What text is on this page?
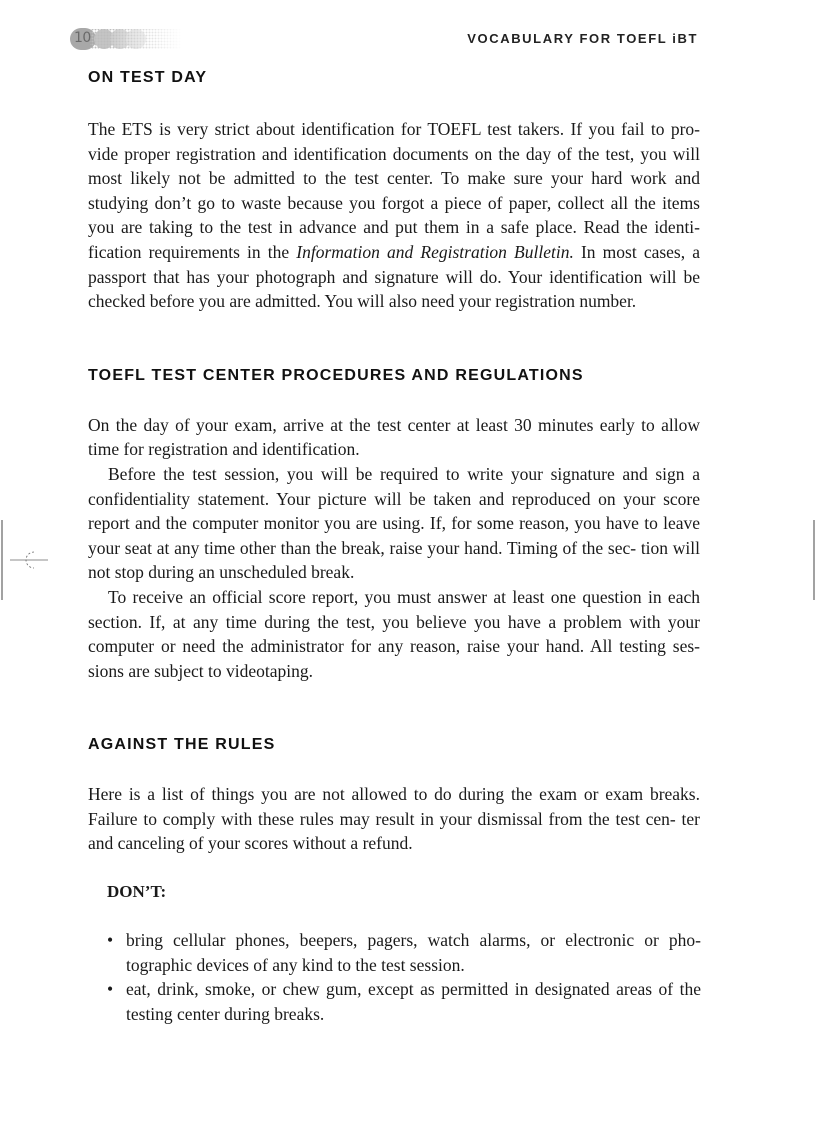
10	VOCABULARY FOR TOEFL iBT
ON TEST DAY

The ETS is very strict about identification for TOEFL test takers. If you fail to pro- vide proper registration and identification documents on the day of the test, you will most likely not be admitted to the test center. To make sure your hard work and studying don’t go to waste because you forgot a piece of paper, collect all the items you are taking to the test in advance and put them in a safe place. Read the identi- fication requirements in the Information and Registration Bulletin. In most cases, a passport that has your photograph and signature will do. Your identification will be checked before you are admitted. You will also need your registration number.

TOEFL TEST CENTER PROCEDURES AND REGULATIONS

On the day of your exam, arrive at the test center at least 30 minutes early to allow time for registration and identification.

Before the test session, you will be required to write your signature and sign a confidentiality statement. Your picture will be taken and reproduced on your score report and the computer monitor you are using. If, for some reason, you have to leave your seat at any time other than the break, raise your hand. Timing of the sec- tion will not stop during an unscheduled break.

To receive an official score report, you must answer at least one question in each section. If, at any time during the test, you believe you have a problem with your computer or need the administrator for any reason, raise your hand. All testing ses- sions are subject to videotaping.

AGAINST THE RULES

Here is a list of things you are not allowed to do during the exam or exam breaks. Failure to comply with these rules may result in your dismissal from the test cen- ter and canceling of your scores without a refund.

DON’T:
• bring cellular phones, beepers, pagers, watch alarms, or electronic or pho- tographic devices of any kind to the test session.
• eat, drink, smoke, or chew gum, except as permitted in designated areas of the testing center during breaks.
